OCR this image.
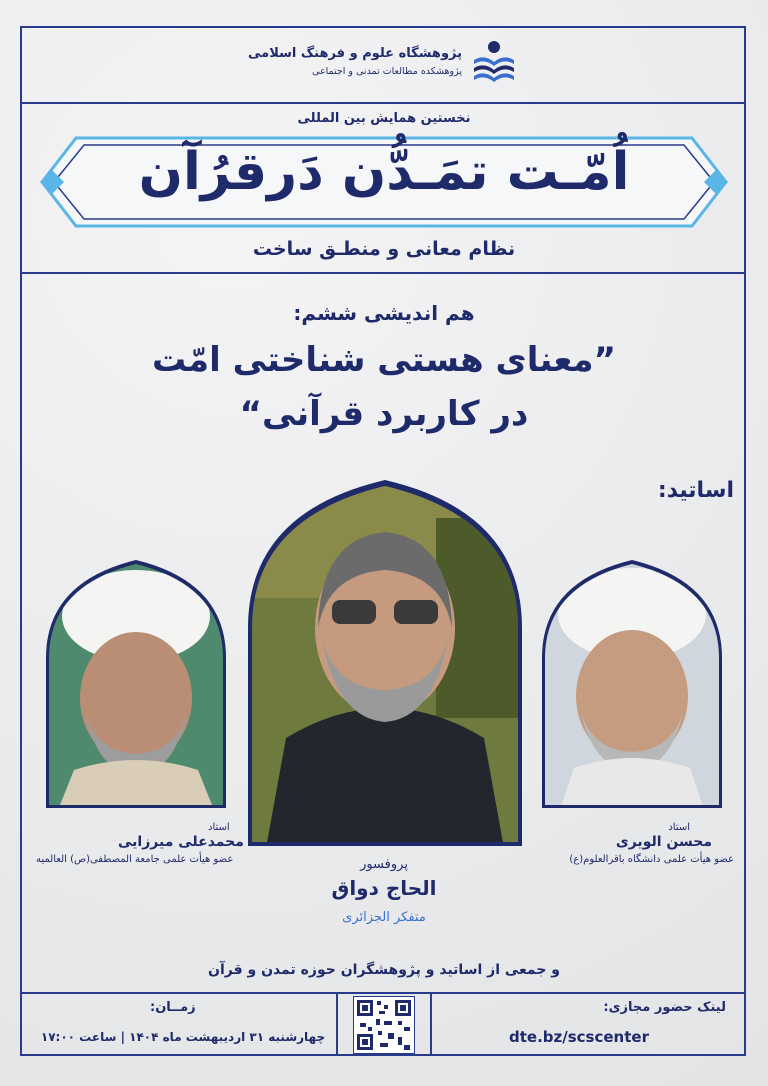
پژوهشگاه علوم و فرهنگ اسلامی
پژوهشکده مطالعات تمدنی و اجتماعی
نخستین همایش بین المللی
اُمّـت تمَـدُّن دَرقرُآن
نظام معانی و منطـق ساخت
هم اندیشی ششم:
”معنای هستی شناختی امّت
در کاربرد قرآنی“
اساتید:
استاد
محسن الویری
عضو هیأت علمی دانشگاه باقرالعلوم(ع)
استاد
محمدعلی میرزایی
عضو هیأت علمی جامعة المصطفی(ص) العالمیه	پروفسور
الحاج دواق
متفکر الجزائری
و جمعی از اساتید و پژوهشگران حوزه تمدن و قرآن
لینک حضور مجازی:
dte.bz/scscenter
زمــان:
چهارشنبه ۳۱ اردیبهشت ماه ۱۴۰۴ | ساعت ۱۷:۰۰
